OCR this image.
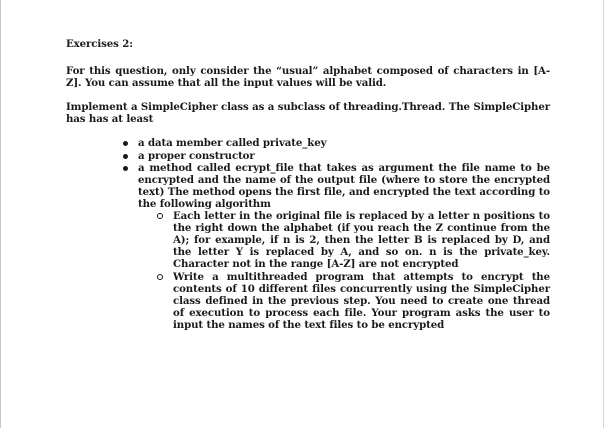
Exercises 2:

For this question, only consider the “usual” alphabet composed of characters in [A-Z]. You can assume that all the input values will be valid.

Implement a SimpleCipher class as a subclass of threading.Thread. The SimpleCipher has has at least

a data member called private_key
a proper constructor
a method called ecrypt_file that takes as argument the file name to be encrypted and the name of the output file (where to store the encrypted text) The method opens the first file, and encrypted the text according to the following algorithm
Each letter in the original file is replaced by a letter n positions to the right down the alphabet (if you reach the Z continue from the A); for example, if n is 2, then the letter B is replaced by D, and the letter Y is replaced by A, and so on. n is the private_key. Character not in the range [A-Z] are not encrypted
Write a multithreaded program that attempts to encrypt the contents of 10 different files concurrently using the SimpleCipher class defined in the previous step. You need to create one thread of execution to process each file. Your program asks the user to input the names of the text files to be encrypted
